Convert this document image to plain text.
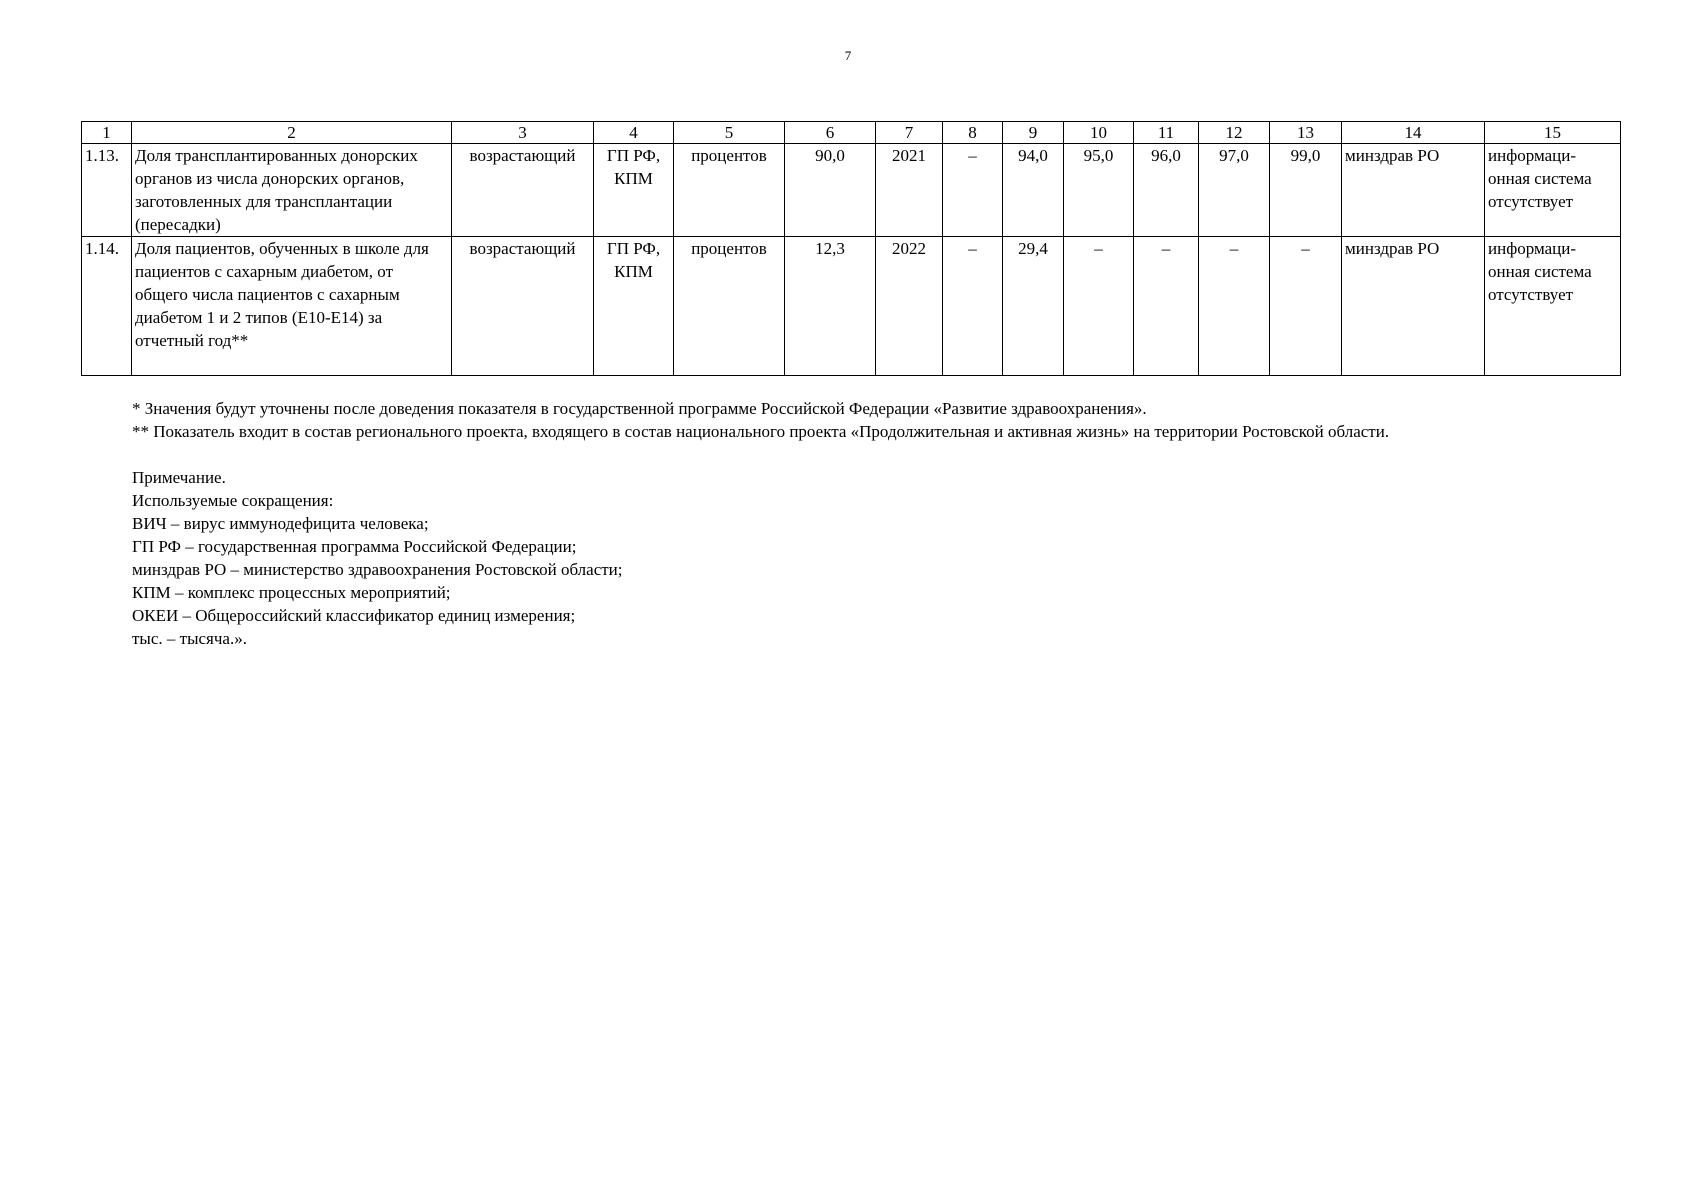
7
1	2	3	4	5	6	7	8	9	10	11	12	13	14	15
1.13.	Доля трансплантированных донорских органов из числа донорских органов, заготовленных для трансплантации (пересадки)	возрастающий	ГП РФ, КПМ	процентов	90,0	2021	–	94,0	95,0	96,0	97,0	99,0	минздрав РО	информаци-онная система отсутствует
1.14.	Доля пациентов, обученных в школе для пациентов с сахарным диабетом, от общего числа пациентов с сахарным диабетом 1 и 2 типов (Е10-Е14) за отчетный год**	возрастающий	ГП РФ, КПМ	процентов	12,3	2022	–	29,4	–	–	–	–	минздрав РО	информаци-онная система отсутствует

* Значения будут уточнены после доведения показателя в государственной программе Российской Федерации «Развитие здравоохранения».

** Показатель входит в состав регионального проекта, входящего в состав национального проекта «Продолжительная и активная жизнь» на территории Ростовской области.

Примечание.

Используемые сокращения:

ВИЧ – вирус иммунодефицита человека;

ГП РФ – государственная программа Российской Федерации;

минздрав РО – министерство здравоохранения Ростовской области;

КПМ – комплекс процессных мероприятий;

ОКЕИ – Общероссийский классификатор единиц измерения;

тыс. – тысяча.».
